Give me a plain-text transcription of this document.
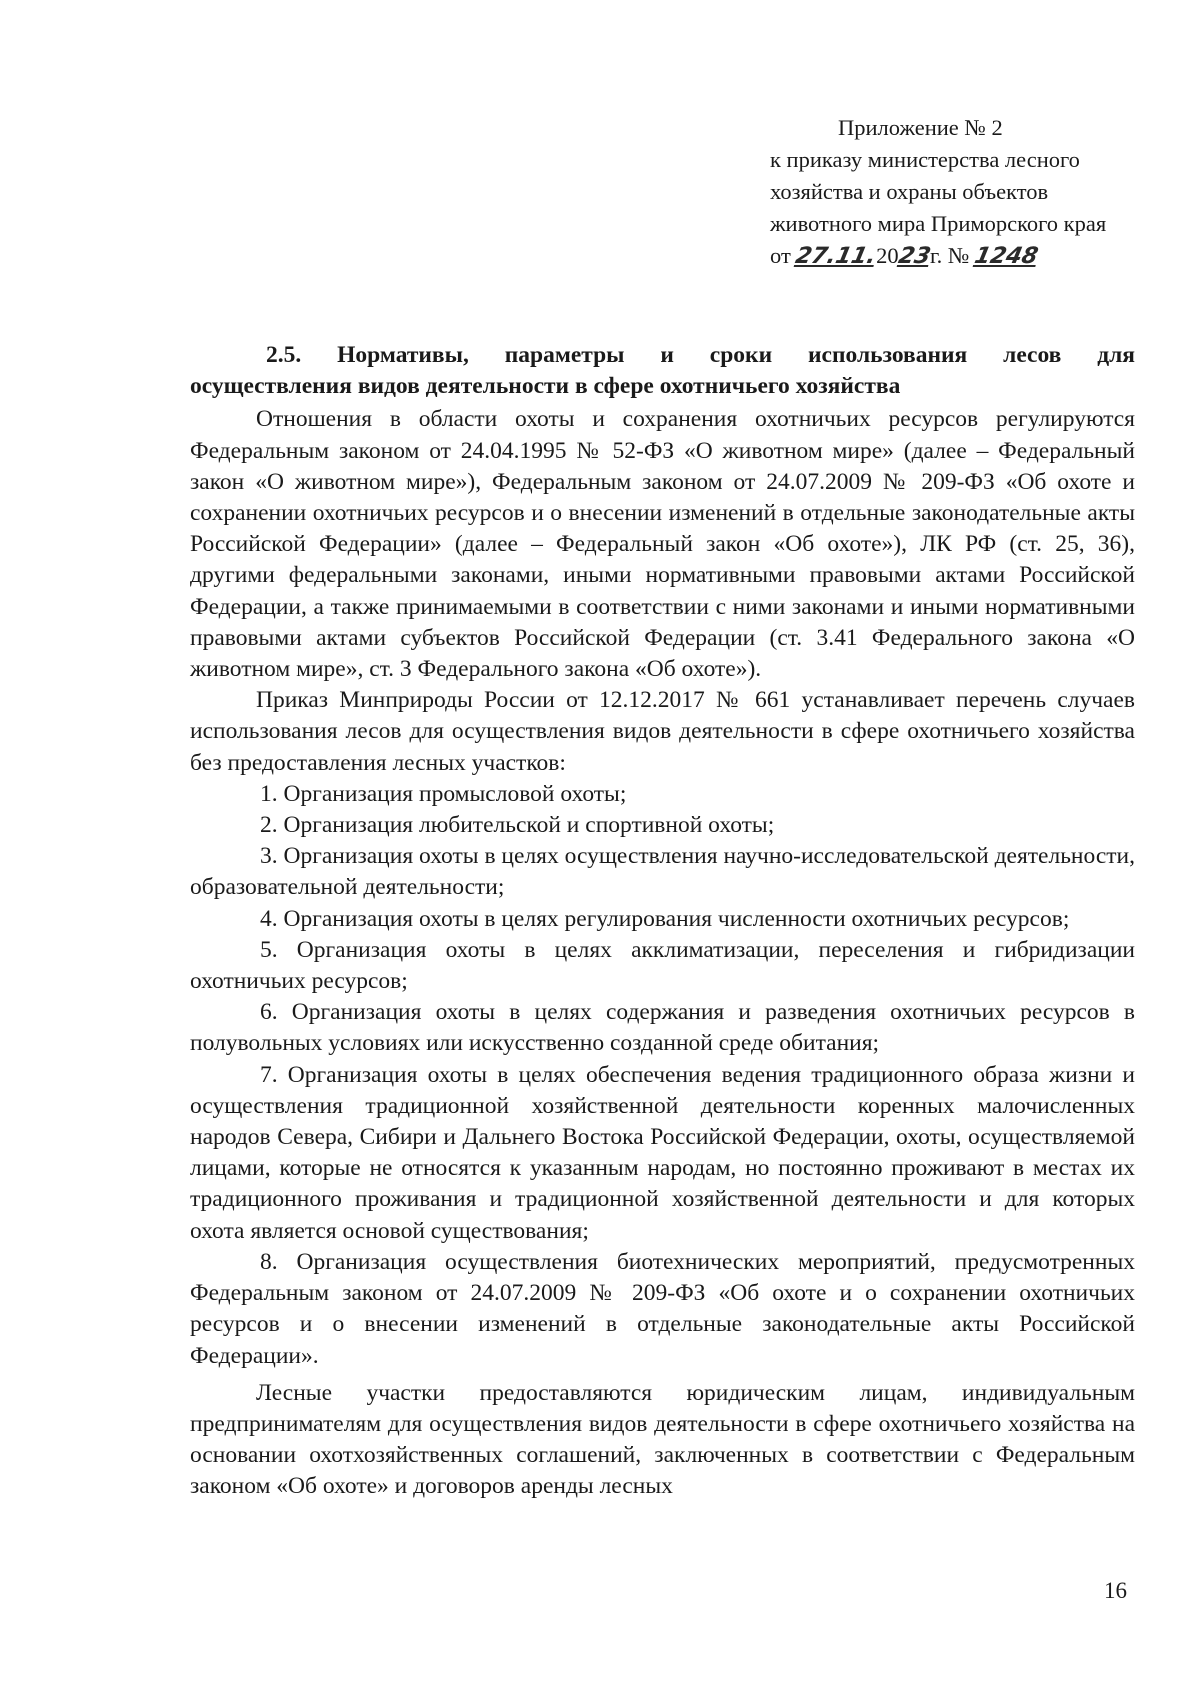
Приложение № 2
к приказу министерства лесного
хозяйства и охраны объектов
животного мира Приморского края
от 27.11.2023г. № 1248
2.5. Нормативы, параметры и сроки использования лесов для
осуществления видов деятельности в сфере охотничьего хозяйства

Отношения в области охоты и сохранения охотничьих ресурсов регулируются Федеральным законом от 24.04.1995 № 52-ФЗ «О животном мире» (далее – Федеральный закон «О животном мире»), Федеральным законом от 24.07.2009 № 209-ФЗ «Об охоте и сохранении охотничьих ресурсов и о внесении изменений в отдельные законодательные акты Российской Федерации» (далее – Федеральный закон «Об охоте»), ЛК РФ (ст. 25, 36), другими федеральными законами, иными нормативными правовыми актами Российской Федерации, а также принимаемыми в соответствии с ними законами и иными нормативными правовыми актами субъектов Российской Федерации (ст. 3.41 Федерального закона «О животном мире», ст. 3 Федерального закона «Об охоте»).

Приказ Минприроды России от 12.12.2017 № 661 устанавливает перечень случаев использования лесов для осуществления видов деятельности в сфере охотничьего хозяйства без предоставления лесных участков:

1. Организация промысловой охоты;

2. Организация любительской и спортивной охоты;

3. Организация охоты в целях осуществления научно-исследовательской деятельности, образовательной деятельности;

4. Организация охоты в целях регулирования численности охотничьих ресурсов;

5. Организация охоты в целях акклиматизации, переселения и гибридизации охотничьих ресурсов;

6. Организация охоты в целях содержания и разведения охотничьих ресурсов в полувольных условиях или искусственно созданной среде обитания;

7. Организация охоты в целях обеспечения ведения традиционного образа жизни и осуществления традиционной хозяйственной деятельности коренных малочисленных народов Севера, Сибири и Дальнего Востока Российской Федерации, охоты, осуществляемой лицами, которые не относятся к указанным народам, но постоянно проживают в местах их традиционного проживания и традиционной хозяйственной деятельности и для которых охота является основой существования;

8. Организация осуществления биотехнических мероприятий, предусмотренных Федеральным законом от 24.07.2009 № 209-ФЗ «Об охоте и о сохранении охотничьих ресурсов и о внесении изменений в отдельные законодательные акты Российской Федерации».

Лесные участки предоставляются юридическим лицам, индивидуальным предпринимателям для осуществления видов деятельности в сфере охотничьего хозяйства на основании охотхозяйственных соглашений, заключенных в соответствии с Федеральным законом «Об охоте» и договоров аренды лесных

16
